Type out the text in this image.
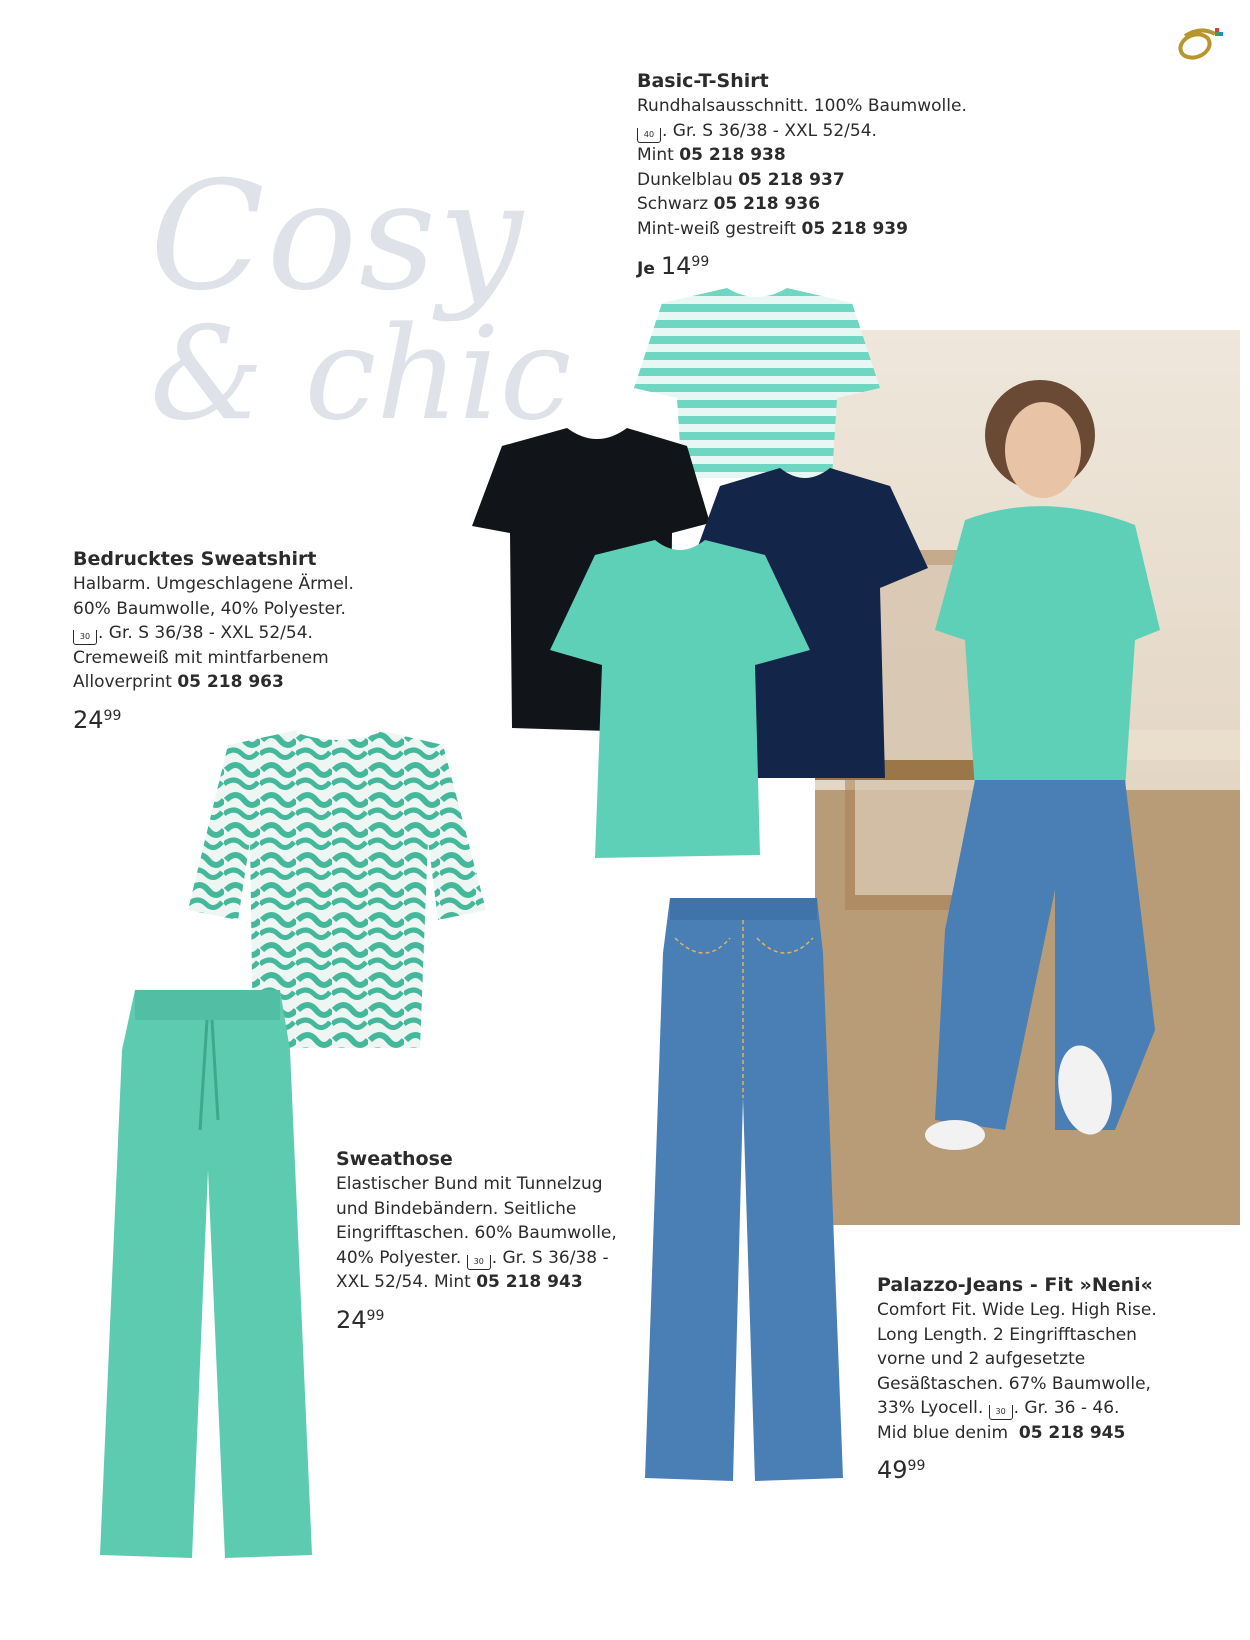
Cosy
& chic
Basic-T-Shirt
Rundhalsausschnitt. 100% Baumwolle.
40 . Gr. S 36/38 - XXL 52/54.
Mint 05 218 938
Dunkelblau 05 218 937
Schwarz 05 218 936
Mint-weiß gestreift 05 218 939
Je $14^{99}$
Bedrucktes Sweatshirt
Halbarm. Umgeschlagene Ärmel.
60% Baumwolle, 40% Polyester.
30 . Gr. S 36/38 - XXL 52/54.
Cremeweiß mit mintfarbenem
Alloverprint 05 218 963
$24^{99}$
Sweathose
Elastischer Bund mit Tunnelzug
und Bindebändern. Seitliche
Eingrifftaschen. 60% Baumwolle,
40% Polyester. 30 . Gr. S 36/38 -
XXL 52/54. Mint 05 218 943
$24^{99}$
Palazzo-Jeans - Fit »Neni«
Comfort Fit. Wide Leg. High Rise.
Long Length. 2 Eingrifftaschen
vorne und 2 aufgesetzte
Gesäßtaschen. 67% Baumwolle,
33% Lyocell. 30 . Gr. 36 - 46.
Mid blue denim 05 218 945
$49^{99}$
